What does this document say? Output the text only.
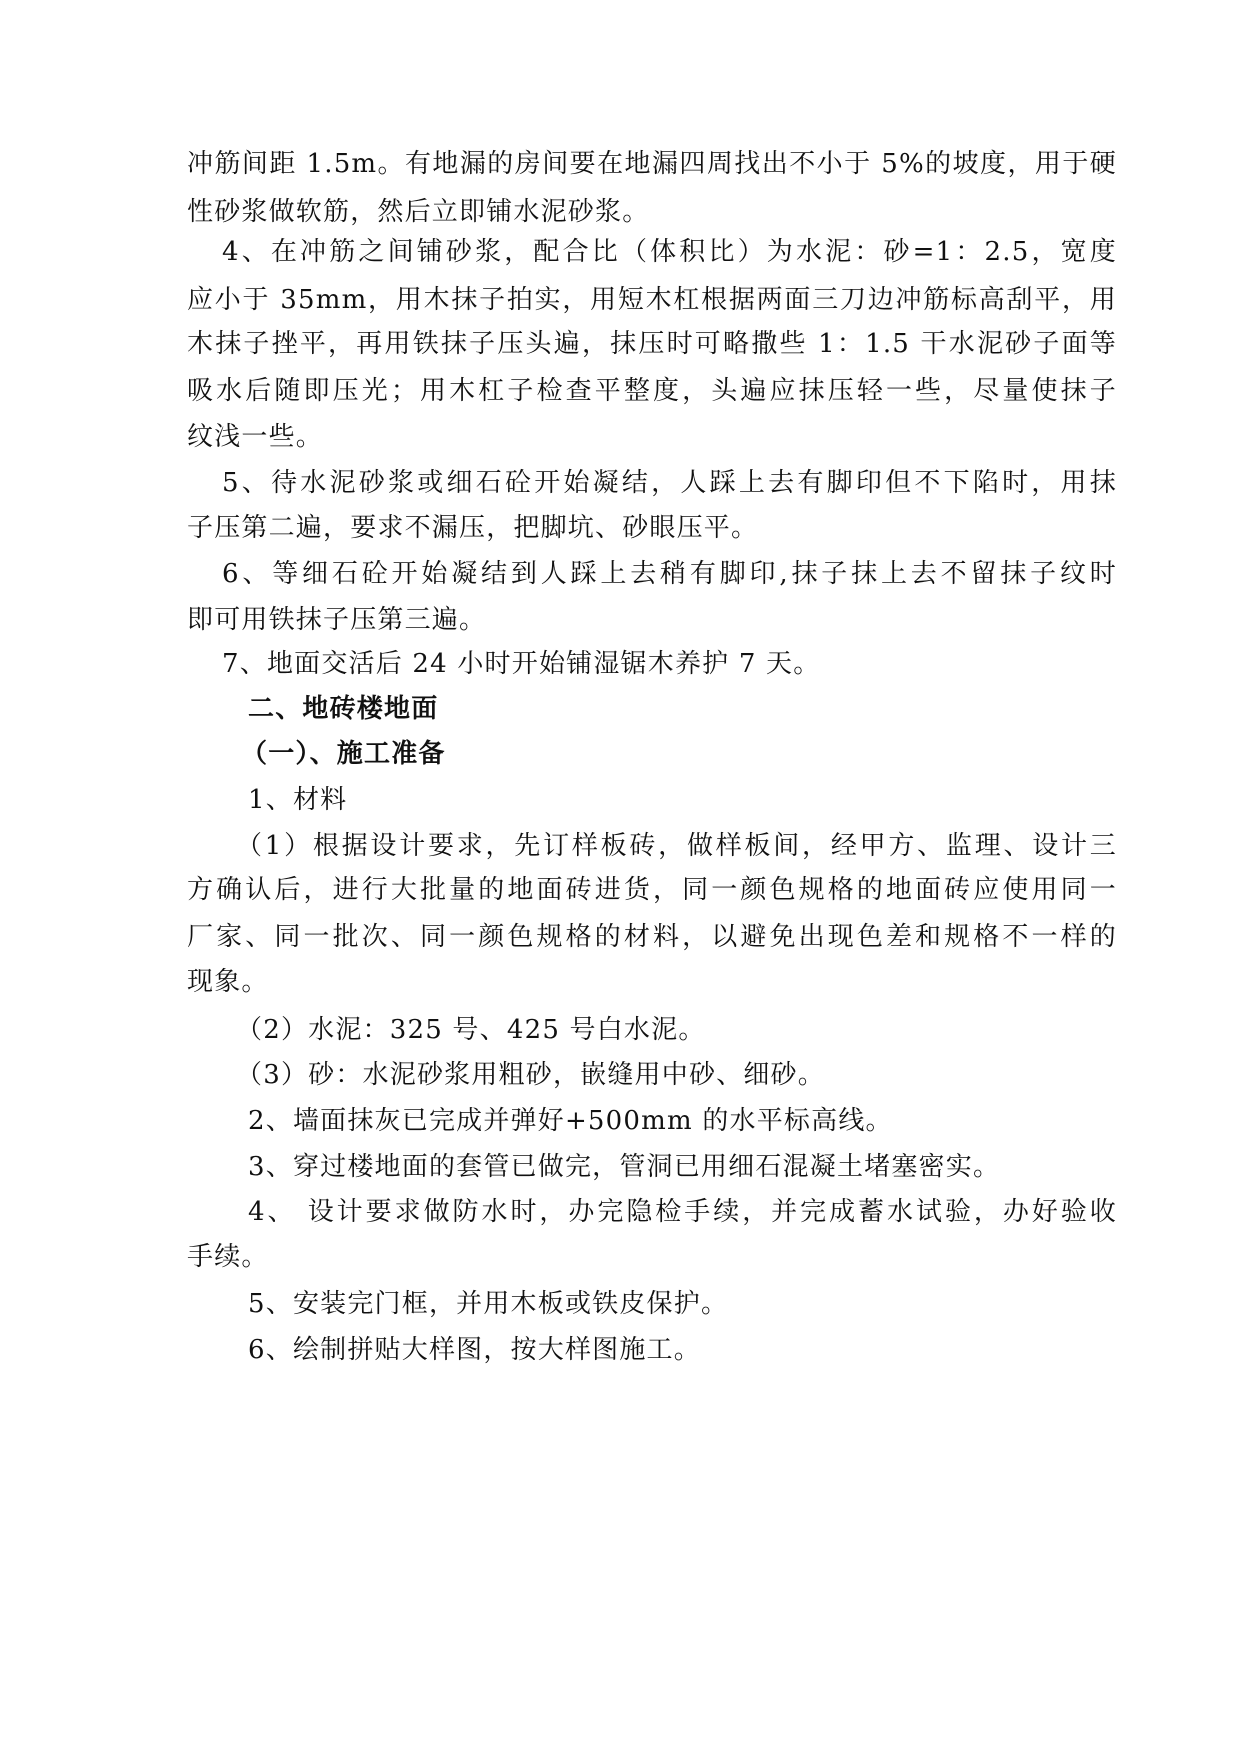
冲筋间距 1.5m。有地漏的房间要在地漏四周找出不小于 5%的坡度，用于硬
性砂浆做软筋，然后立即铺水泥砂浆。
4、在冲筋之间铺砂浆，配合比（体积比）为水泥：砂=1：2.5，宽度
应小于 35mm，用木抹子拍实，用短木杠根据两面三刀边冲筋标高刮平，用
木抹子挫平，再用铁抹子压头遍，抹压时可略撒些 1：1.5 干水泥砂子面等
吸水后随即压光；用木杠子检查平整度，头遍应抹压轻一些，尽量使抹子
纹浅一些。
5、待水泥砂浆或细石砼开始凝结，人踩上去有脚印但不下陷时，用抹
子压第二遍，要求不漏压，把脚坑、砂眼压平。
6、等细石砼开始凝结到人踩上去稍有脚印,抹子抹上去不留抹子纹时
即可用铁抹子压第三遍。
7、地面交活后 24 小时开始铺湿锯木养护 7 天。
二、地砖楼地面
（一）、施工准备
1、材料
（1）根据设计要求，先订样板砖，做样板间，经甲方、监理、设计三
方确认后，进行大批量的地面砖进货，同一颜色规格的地面砖应使用同一
厂家、同一批次、同一颜色规格的材料，以避免出现色差和规格不一样的
现象。
（2）水泥：325 号、425 号白水泥。
（3）砂：水泥砂浆用粗砂，嵌缝用中砂、细砂。
2、墙面抹灰已完成并弹好+500mm 的水平标高线。
3、穿过楼地面的套管已做完，管洞已用细石混凝土堵塞密实。
4、 设计要求做防水时，办完隐检手续，并完成蓄水试验，办好验收
手续。
5、安装完门框，并用木板或铁皮保护。
6、绘制拼贴大样图，按大样图施工。
